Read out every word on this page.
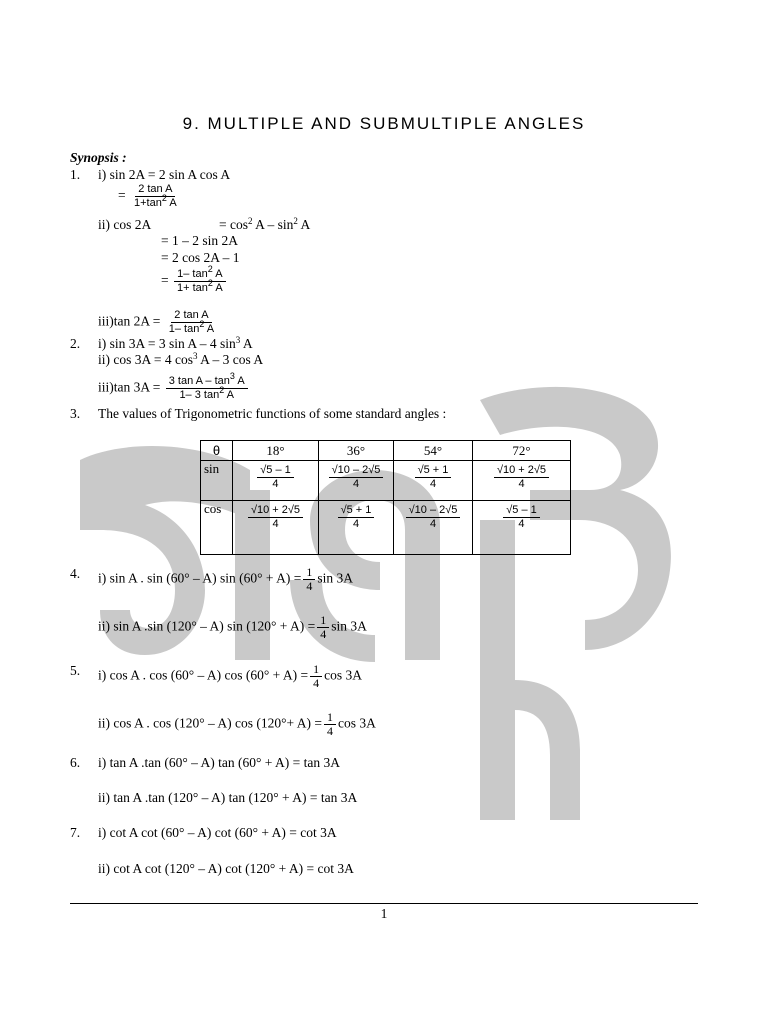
9. MULTIPLE AND SUBMULTIPLE ANGLES
Synopsis :
1. i) sin 2A = 2 sin A cos A
= $\frac{\text{2 tan A}}{1+\tan^2 A}$
ii) cos 2A	= $\cos^2 A - \sin^2 A$
= 1 – 2 sin 2A
= 2 cos 2A – 1
= $\frac{1- \tan^2 A}{1+ \tan^2 A}$
iii)tan $2A = \frac{\text{2 tan A}}{1- \tan^2 A}$
2. i) sin 3A = 3 sin A – 4 $\sin^3 A$
ii) cos 3A = 4 $\cos^3 A - 3$ cos A
iii)tan $3A = \frac{3 \tan A - \tan^3 A}{1- 3 \tan^2 A}$
3. The values of Trigonometric functions of some standard angles :
θ	18°	36°	54°	72°
sin	$\frac{√5 - 1}{4}$	$\frac{√10 - 2√5}{4}$	$\frac{√5 + 1}{4}$	$\frac{√10 + 2√5}{4}$

cos	$\frac{√10 + 2√5}{4}$	$\frac{√5 + 1}{4}$	$\frac{√10 - 2√5}{4}$	$\frac{√5 - 1}{4}$
4. i) sin A . sin (60° – A) $\sin (60^\circ + A) = \frac{1}{4}$ sin 3A
ii) sin A .sin (120° – A) $\sin (120^\circ + A) = \frac{1}{4}$ sin 3A
5. i) cos A . cos (60° – A) $\cos (60^\circ + A) = \frac{1}{4}$ cos 3A
ii) cos A . cos (120° – A) $\cos (120^\circ+ A) = \frac{1}{4}$ cos 3A
6. i) tan A .tan (60° – A) tan (60° + A) = tan 3A
ii) tan A .tan (120° – A) tan (120° + A) = tan 3A
7. i) cot A cot (60° – A) cot (60° + A) = cot 3A
ii) cot A cot (120° – A) cot (120° + A) = cot 3A
1
